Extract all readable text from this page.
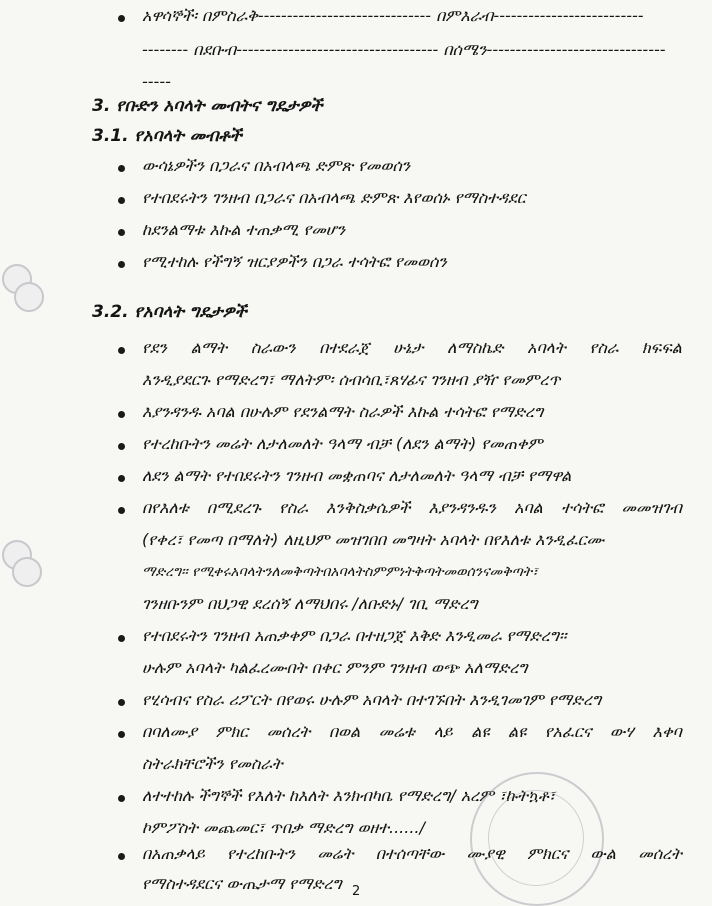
አዋሳኞች፡ በምስራቅ------------------------------ በምእራብ--------------------------
-------- በደቡብ----------------------------------- በሰሜን-------------------------------
-----
3. የቡድን አባላት መብትና ግዴታዎች
3.1. የአባላት መብቶች
ውሳኔዎችን በጋራና በአብላጫ ድምጽ የመወሰን
የተበደሩትን ገንዘብ በጋራና በአብላጫ ድምጽ እየወሰኑ የማስተዳደር
ከደንልማቱ እኩል ተጠቃሚ የመሆን
የሚተከሉ የችግኝ ዝርያዎችን በጋራ ተሳትፎ የመወሰን
3.2. የአባላት ግዴታዎች
የደን ልማት ስራውን በተደራጀ ሁኔታ ለማስኬድ አባላት የስራ ክፍፍል
እንዲያደርጉ የማድረግ፣ ማለትም፡ ሰብሳቢ፣ጸሃፊና ገንዘብ ያዥ የመምረጥ
እያንዳንዱ አባል በሁሉም የደንልማት ስራዎች እኩል ተሳትፎ የማድረግ
የተረከቡትን መሬት ለታለመለት ዓላማ ብቻ (ለደን ልማት) የመጠቀም
ለደን ልማት የተበደሩትን ገንዘብ መቋጠባና ለታለመለት ዓላማ ብቻ የማዋል
በየእለቱ በሚደረጉ የስራ እንቅስቃሴዎች እያንዳንዱን አባል ተሳትፎ መመዝገብ
(የቀረ፣ የመጣ በማለት) ለዚህም መዝገበበ መግዛት አባላት በየእለቱ እንዲፈርሙ
ማድረግ፡፡ የሚቀሩአባላትንለመቅጣትበአባላትስምምነትቅጣትመወሰንናመቅጣት፣
ገንዘቡንም በህጋዊ ደረሰኝ ለማህበሩ /ለቡድኑ/ ገቢ ማድረግ
የተበደሩትን ገንዘብ አጠቃቀም በጋራ በተዘጋጀ እቅድ እንዲመራ የማድረግ፡፡
ሁሉም አባላት ካልፈረሙበት በቀር ምንም ገንዘብ ወጭ አለማድረግ
የሂሳብና የስራ ሪፖርት በየወሩ ሁሉም አባላት በተገኙበት እንዲገመገም የማድረግ
በባለሙያ ምክር መሰረት በወል መሬቱ ላይ ልዩ ልዩ የአፈርና ውሃ እቀባ
ስትራክቸሮችን የመስራት
ለተተከሉ ችግኞች የእለት ከእለት እንክብካቤ የማድረግ/ አረም ፣ኩትኳቶ፣
ኮምፖስት መጨመር፣ ጥበቃ ማድረግ ወዘተ....../
በአጠቃላይ የተረከቡትን መሬት በተሰጣቸው ሙያዊ ምክርና ውል መሰረት
የማስተዳደርና ውጤታማ የማድረግ 2
